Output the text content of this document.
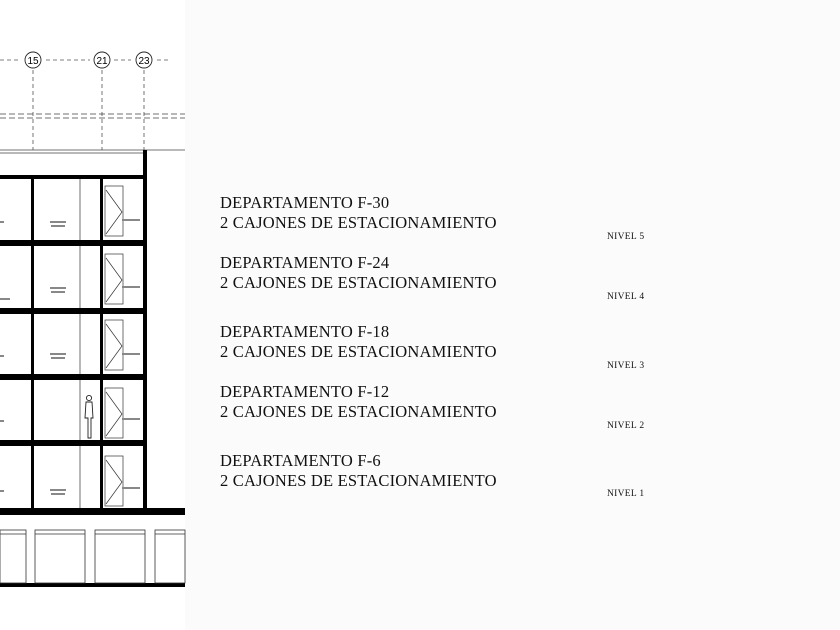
15	21	23
DEPARTAMENTO F-30
2 CAJONES DE ESTACIONAMIENTO
NIVEL 5
DEPARTAMENTO F-24
2 CAJONES DE ESTACIONAMIENTO
NIVEL 4
DEPARTAMENTO F-18
2 CAJONES DE ESTACIONAMIENTO
NIVEL 3
DEPARTAMENTO F-12
2 CAJONES DE ESTACIONAMIENTO
NIVEL 2
DEPARTAMENTO F-6
2 CAJONES DE ESTACIONAMIENTO
NIVEL 1
